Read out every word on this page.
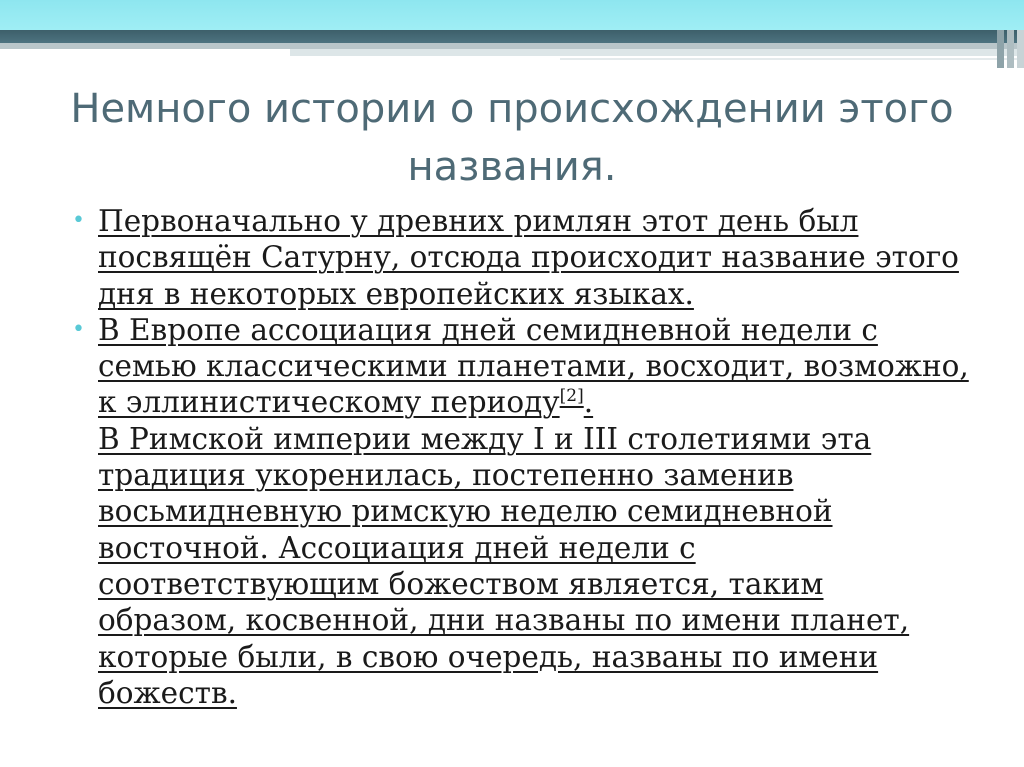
Немного истории о происхождении этого названия.
• Первоначально у древних римлян этот день был посвящён Сатурну, отсюда происходит название этого дня в некоторых европейских языках.
• В Европе ассоциация дней семидневной недели с семью классическими планетами, восходит, возможно, к эллинистическому периоду[2].
В Римской империи между I и III столетиями эта традиция укоренилась, постепенно заменив восьмидневную римскую неделю семидневной восточной. Ассоциация дней недели с соответствующим божеством является, таким образом, косвенной, дни названы по имени планет, которые были, в свою очередь, названы по имени божеств.
